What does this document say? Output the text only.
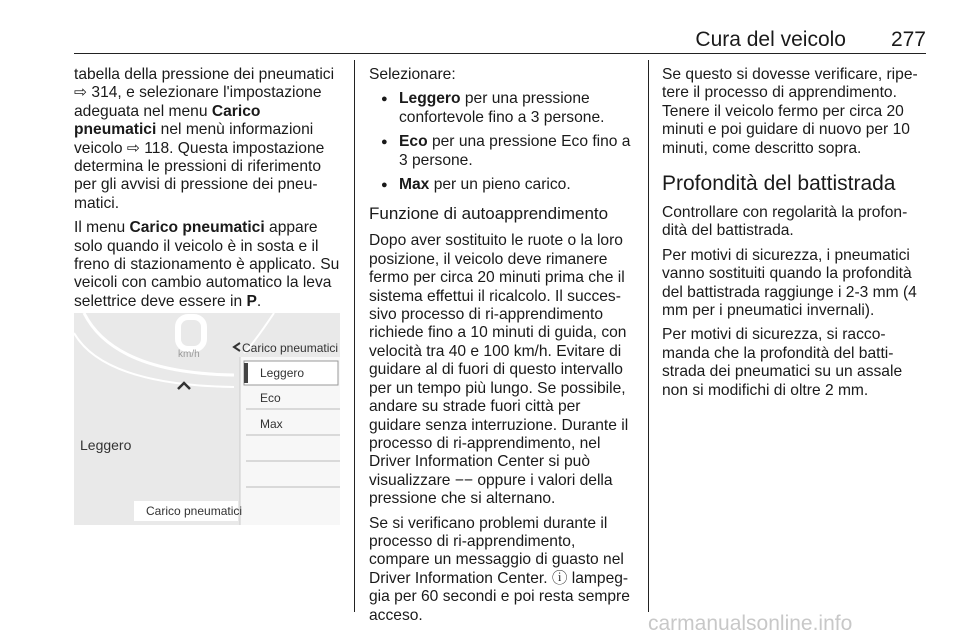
Cura del veicolo 277

tabella della pressione dei pneumatici ⇨ 314, e selezionare l'impostazione adeguata nel menu Carico pneumatici nel menù informazioni veicolo ⇨ 118. Questa impostazione determina le pressioni di riferimento per gli avvisi di pressione dei pneu-matici.

Il menu Carico pneumatici appare solo quando il veicolo è in sosta e il freno di stazionamento è applicato. Su veicoli con cambio automatico la leva selettrice deve essere in P.

km/h	Carico pneumatici
Leggero
Carico pneumatici
Leggero
Eco
Max

Selezionare:

● Leggero per una pressione confortevole fino a 3 persone.
● Eco per una pressione Eco fino a 3 persone.
● Max per un pieno carico.
Funzione di autoapprendimento

Dopo aver sostituito le ruote o la loro posizione, il veicolo deve rimanere fermo per circa 20 minuti prima che il sistema effettui il ricalcolo. Il succes-sivo processo di ri-apprendimento richiede fino a 10 minuti di guida, con velocità tra 40 e 100 km/h. Evitare di guidare al di fuori di questo intervallo per un tempo più lungo. Se possibile, andare su strade fuori città per guidare senza interruzione. Durante il processo di ri-apprendimento, nel Driver Information Center si può visualizzare −− oppure i valori della pressione che si alternano.

Se si verificano problemi durante il processo di ri-apprendimento, compare un messaggio di guasto nel Driver Information Center. ⓘ lampeg-gia per 60 secondi e poi resta sempre acceso.

Se questo si dovesse verificare, ripe-tere il processo di apprendimento. Tenere il veicolo fermo per circa 20 minuti e poi guidare di nuovo per 10 minuti, come descritto sopra.

Profondità del battistrada

Controllare con regolarità la profon-dità del battistrada.

Per motivi di sicurezza, i pneumatici vanno sostituiti quando la profondità del battistrada raggiunge i 2-3 mm (4 mm per i pneumatici invernali).

Per motivi di sicurezza, si racco-manda che la profondità del batti-strada dei pneumatici su un assale non si modifichi di oltre 2 mm.

carmanualsonline.info
